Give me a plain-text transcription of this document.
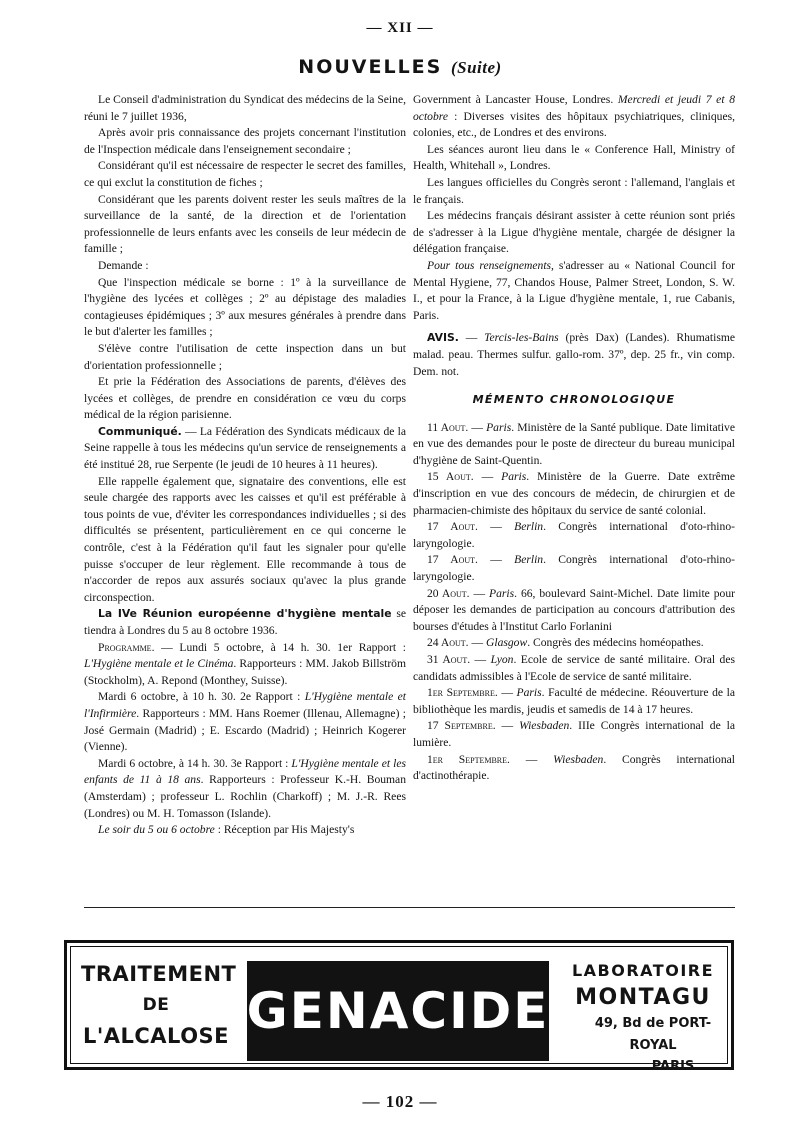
— XII —
NOUVELLES (Suite)

Le Conseil d'administration du Syndicat des médecins de la Seine, réuni le 7 juillet 1936,

Après avoir pris connaissance des projets concernant l'institution de l'Inspection médicale dans l'enseignement secondaire ;

Considérant qu'il est nécessaire de respecter le secret des familles, ce qui exclut la constitution de fiches ;

Considérant que les parents doivent rester les seuls maîtres de la surveillance de la santé, de la direction et de l'orientation professionnelle de leurs enfants avec les conseils de leur médecin de famille ;

Demande :

Que l'inspection médicale se borne : 1º à la surveillance de l'hygiène des lycées et collèges ; 2º au dépistage des maladies contagieuses épidémiques ; 3º aux mesures générales à prendre dans le but d'alerter les familles ;

S'élève contre l'utilisation de cette inspection dans un but d'orientation professionnelle ;

Et prie la Fédération des Associations de parents, d'élèves des lycées et collèges, de prendre en considération ce vœu du corps médical de la région parisienne.

Communiqué. — La Fédération des Syndicats médicaux de la Seine rappelle à tous les médecins qu'un service de renseignements a été institué 28, rue Serpente (le jeudi de 10 heures à 11 heures).

Elle rappelle également que, signataire des conventions, elle est seule chargée des rapports avec les caisses et qu'il est préférable à tous points de vue, d'éviter les correspondances individuelles ; si des difficultés se présentent, particulièrement en ce qui concerne le contrôle, c'est à la Fédération qu'il faut les signaler pour qu'elle puisse s'occuper de leur règlement. Elle recommande à tous de n'accorder de repos aux assurés sociaux qu'avec la plus grande circonspection.

La IVe Réunion européenne d'hygiène mentale se tiendra à Londres du 5 au 8 octobre 1936.

Programme. — Lundi 5 octobre, à 14 h. 30. 1er Rapport : L'Hygiène mentale et le Cinéma. Rapporteurs : MM. Jakob Billström (Stockholm), A. Repond (Monthey, Suisse).

Mardi 6 octobre, à 10 h. 30. 2e Rapport : L'Hygiène mentale et l'Infirmière. Rapporteurs : MM. Hans Roemer (Illenau, Allemagne) ; José Germain (Madrid) ; E. Escardo (Madrid) ; Heinrich Kogerer (Vienne).

Mardi 6 octobre, à 14 h. 30. 3e Rapport : L'Hygiène mentale et les enfants de 11 à 18 ans. Rapporteurs : Professeur K.-H. Bouman (Amsterdam) ; professeur L. Rochlin (Charkoff) ; M. J.-R. Rees (Londres) ou M. H. Tomasson (Islande).

Le soir du 5 ou 6 octobre : Réception par His Majesty's

Government à Lancaster House, Londres. Mercredi et jeudi 7 et 8 octobre : Diverses visites des hôpitaux psychiatriques, cliniques, colonies, etc., de Londres et des environs.

Les séances auront lieu dans le « Conference Hall, Ministry of Health, Whitehall », Londres.

Les langues officielles du Congrès seront : l'allemand, l'anglais et le français.

Les médecins français désirant assister à cette réunion sont priés de s'adresser à la Ligue d'hygiène mentale, chargée de désigner la délégation française.

Pour tous renseignements, s'adresser au « National Council for Mental Hygiene, 77, Chandos House, Palmer Street, London, S. W. I., et pour la France, à la Ligue d'hygiène mentale, 1, rue Cabanis, Paris.

AVIS. — Tercis-les-Bains (près Dax) (Landes). Rhumatisme malad. peau. Thermes sulfur. gallo-rom. 37º, dep. 25 fr., vin comp. Dem. not.

MÉMENTO CHRONOLOGIQUE

11 Aout. — Paris. Ministère de la Santé publique. Date limitative en vue des demandes pour le poste de directeur du bureau municipal d'hygiène de Saint-Quentin.

15 Aout. — Paris. Ministère de la Guerre. Date extrême d'inscription en vue des concours de médecin, de chirurgien et de pharmacien-chimiste des hôpitaux du service de santé colonial.

17 Aout. — Berlin. Congrès international d'oto-rhino-laryngologie.

17 Aout. — Berlin. Congrès international d'oto-rhino-laryngologie.

20 Aout. — Paris. 66, boulevard Saint-Michel. Date limite pour déposer les demandes de participation au concours d'attribution des bourses d'études à l'Institut Carlo Forlanini

24 Aout. — Glasgow. Congrès des médecins homéopathes.

31 Aout. — Lyon. Ecole de service de santé militaire. Oral des candidats admissibles à l'Ecole de service de santé militaire.

1er Septembre. — Paris. Faculté de médecine. Réouverture de la bibliothèque les mardis, jeudis et samedis de 14 à 17 heures.

17 Septembre. — Wiesbaden. IIIe Congrès international de la lumière.

1er Septembre. — Wiesbaden. Congrès international d'actinothérapie.

TRAITEMENT
DE
L'ALCALOSE GENACIDE
LABORATOIRE
MONTAGU
49, Bd de PORT-ROYAL
PARIS
— 102 —
